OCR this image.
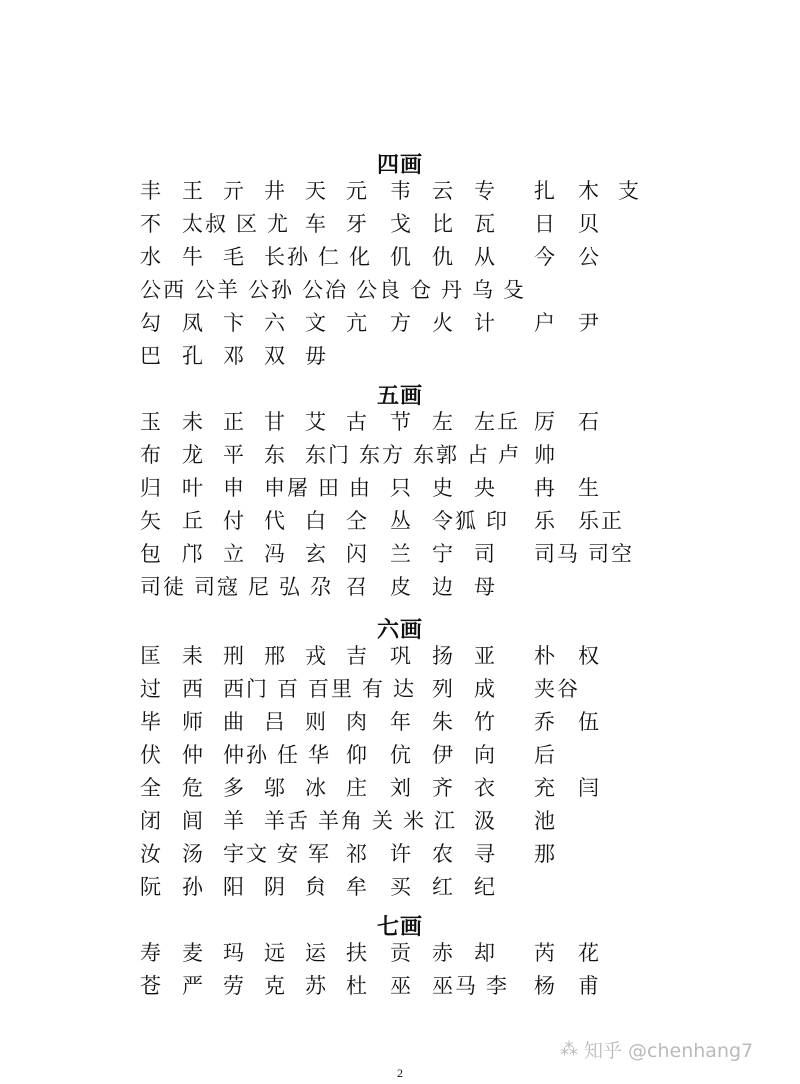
四画
丰 王 亓 井 天 元 韦 云 专 扎 木 支
不 太叔 区 尤 车 牙 戈 比 瓦 日 贝
水 牛 毛 长孙 仁 化 仉 仇 从 今 公
公西 公羊 公孙 公冶 公良 仓 丹 乌 殳
勾 凤 卞 六 文 亢 方 火 计 户 尹
巴 孔 邓 双 毋
五画
玉 未 正 甘 艾 古 节 左 左丘 厉 石
布 龙 平 东 东门 东方 东郭 占 卢 帅
归 叶 申 申屠 田 由 只 史 央 冉 生
矢 丘 付 代 白 仝 丛 令狐 印 乐 乐正
包 邝 立 冯 玄 闪 兰 宁 司 司马 司空
司徒 司寇 尼 弘 尕 召 皮 边 母
六画
匡 耒 刑 邢 戎 吉 巩 扬 亚 朴 权
过 西 西门 百 百里 有 达 列 成 夹谷
毕 师 曲 吕 则 肉 年 朱 竹 乔 伍
伏 仲 仲孙 任 华 仰 伉 伊 向 后
全 危 多 邬 冰 庄 刘 齐 衣 充 闫
闭 闾 羊 羊舌 羊角 关 米 江 汲 池
汝 汤 宇文 安 军 祁 许 农 寻 那
阮 孙 阳 阴 贠 牟 买 红 纪
七画
寿 麦 玛 远 运 扶 贡 赤 却 芮 花
苍 严 劳 克 苏 杜 巫 巫马 李 杨 甫
2
⁂ 知乎 @chenhang7
